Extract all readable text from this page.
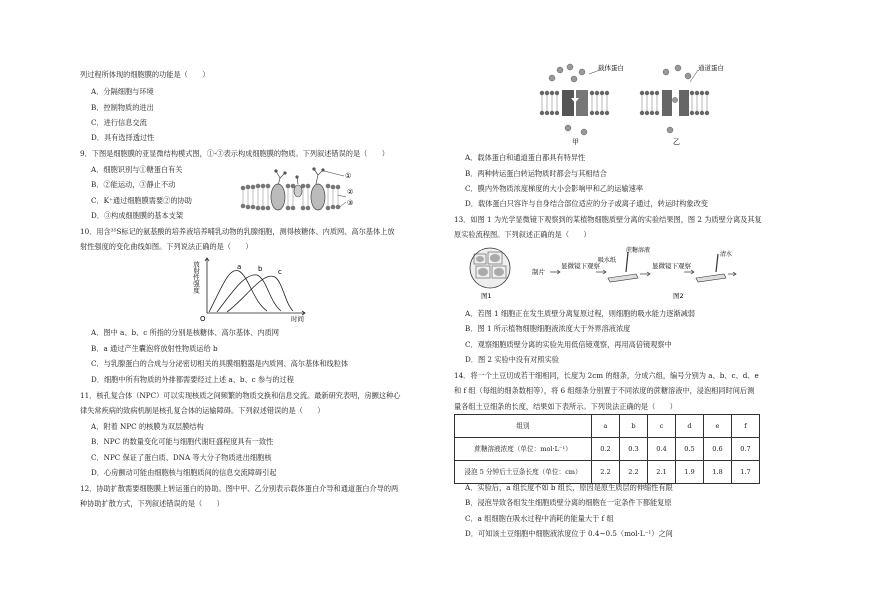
列过程所体现的细胞膜的功能是（　　）
A．分隔细胞与环境
B．控制物质的进出
C．进行信息交流
D．具有选择透过性
9．下图是细胞膜的亚显微结构模式图，①-③表示构成细胞膜的物质。下列叙述错误的是（　　）
A．细胞识别与①糖蛋白有关
B．②能运动，③静止不动
C．K⁺通过细胞膜需要②的协助
D．③构成细胞膜的基本支架
①
②
③
10．用含³⁵S标记的氨基酸的培养液培养哺乳动物的乳腺细胞，测得核糖体、内质网、高尔基体上放
射性强度的变化曲线如图。下列说法正确的是（　　）
放射性强度
O	时间
a b c
A．图中 a、b、c 所指的分别是核糖体、高尔基体、内质网
B．a 通过产生囊泡将放射性物质运给 b
C．与乳腺蛋白的合成与分泌密切相关的具膜细胞器是内质网、高尔基体和线粒体
D．细胞中所有物质的外排都需要经过上述 a、b、c 参与的过程
11．核孔复合体（NPC）可以实现核质之间频繁的物质交换和信息交流。最新研究表明，房颤这种心
律失常疾病的致病机制是核孔复合体的运输障碍。下列叙述错误的是（　　）
A．附着 NPC 的核膜为双层膜结构
B．NPC 的数量变化可能与细胞代谢旺盛程度具有一致性
C．NPC 保证了蛋白质、DNA 等大分子物质进出细胞核
D．心房颤动可能由细胞核与细胞质间的信息交流障碍引起
12．协助扩散需要细胞膜上转运蛋白的协助。图中甲、乙分别表示载体蛋白介导和通道蛋白介导的两
种协助扩散方式，下列叙述错误的是（　　）
载体蛋白
甲
通道蛋白
乙
A．载体蛋白和通道蛋白都具有特异性
B．两种转运蛋白转运物质时都会与其相结合
C．膜内外物质浓度梯度的大小会影响甲和乙的运输速率
D．载体蛋白只容许与自身结合部位适应的分子或离子通过，转运时构象改变
13．如图 1 为光学显微镜下观察到的某植物细胞质壁分离的实验结果图，图 2 为质壁分离及其复
原实验流程图。下列叙述正确的是（　　）
图1
制片
显微镜下观察
蔗糖溶液
吸水纸
显微镜下观察
清水
图2
A．若图 1 细胞正在发生质壁分离复原过程，则细胞的吸水能力逐渐减弱
B．图 1 所示植物细胞细胞液浓度大于外界溶液浓度
C．观察细胞质壁分离的实验先用低倍镜观察，再用高倍镜观察中
D．图 2 实验中没有对照实验
14．将一个土豆切成若干细相同，长度为 2cm 的细条，分成六组，编号分别为 a、b、c、d、e
和 f 组（每组的细条数相等），将 6 组细条分别置于不同浓度的蔗糖溶液中，浸泡相同时间后测
量各组土豆细条的长度，结果如下表所示。下列说法正确的是（　　）
组别	a	b	c	d	e	f
蔗糖溶液浓度（单位：mol·L⁻¹）	0.2	0.3	0.4	0.5	0.6	0.7
浸泡 5 分钟后土豆条长度（单位：cm）	2.2	2.2	2.1	1.9	1.8	1.7
A．实验后，a 组长度不如 b 组长，原因是原生质层的伸缩性有限
B．浸泡导致各组发生细胞质壁分离的细胞在一定条件下都能复原
C．a 组细胞在吸水过程中消耗的能量大于 f 组
D．可知该土豆细胞中细胞液浓度位于 0.4~0.5（mol·L⁻¹）之间
